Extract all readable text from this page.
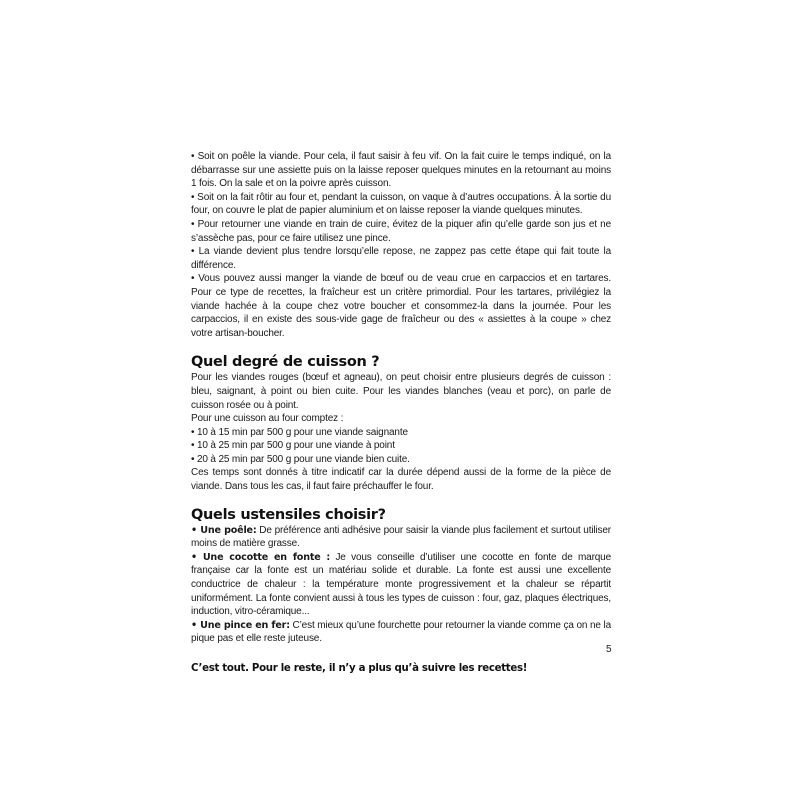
• Soit on poêle la viande. Pour cela, il faut saisir à feu vif. On la fait cuire le temps indiqué, on la débarrasse sur une assiette puis on la laisse reposer quelques minutes en la retournant au moins 1 fois. On la sale et on la poivre après cuisson.

• Soit on la fait rôtir au four et, pendant la cuisson, on vaque à d’autres occupations. À la sortie du four, on couvre le plat de papier aluminium et on laisse reposer la viande quelques minutes.

• Pour retourner une viande en train de cuire, évitez de la piquer afin qu’elle garde son jus et ne s’assèche pas, pour ce faire utilisez une pince.

• La viande devient plus tendre lorsqu’elle repose, ne zappez pas cette étape qui fait toute la différence.

• Vous pouvez aussi manger la viande de bœuf ou de veau crue en carpaccios et en tartares. Pour ce type de recettes, la fraîcheur est un critère primordial. Pour les tartares, privilégiez la viande hachée à la coupe chez votre boucher et consommez-la dans la journée. Pour les carpaccios, il en existe des sous-vide gage de fraîcheur ou des « assiettes à la coupe » chez votre artisan-boucher.

Quel degré de cuisson ?

Pour les viandes rouges (bœuf et agneau), on peut choisir entre plusieurs degrés de cuisson : bleu, saignant, à point ou bien cuite. Pour les viandes blanches (veau et porc), on parle de cuisson rosée ou à point.

Pour une cuisson au four comptez :

• 10 à 15 min par 500 g pour une viande saignante

• 10 à 25 min par 500 g pour une viande à point

• 20 à 25 min par 500 g pour une viande bien cuite.

Ces temps sont donnés à titre indicatif car la durée dépend aussi de la forme de la pièce de viande. Dans tous les cas, il faut faire préchauffer le four.

Quels ustensiles choisir?

• Une poêle: De préférence anti adhésive pour saisir la viande plus facilement et surtout utiliser moins de matière grasse.

• Une cocotte en fonte : Je vous conseille d’utiliser une cocotte en fonte de marque française car la fonte est un matériau solide et durable. La fonte est aussi une excellente conductrice de chaleur : la température monte progressivement et la chaleur se répartit uniformément. La fonte convient aussi à tous les types de cuisson : four, gaz, plaques électriques, induction, vitro-céramique...

• Une pince en fer: C’est mieux qu’une fourchette pour retourner la viande comme ça on ne la pique pas et elle reste juteuse.

C’est tout. Pour le reste, il n’y a plus qu’à suivre les recettes!

5
